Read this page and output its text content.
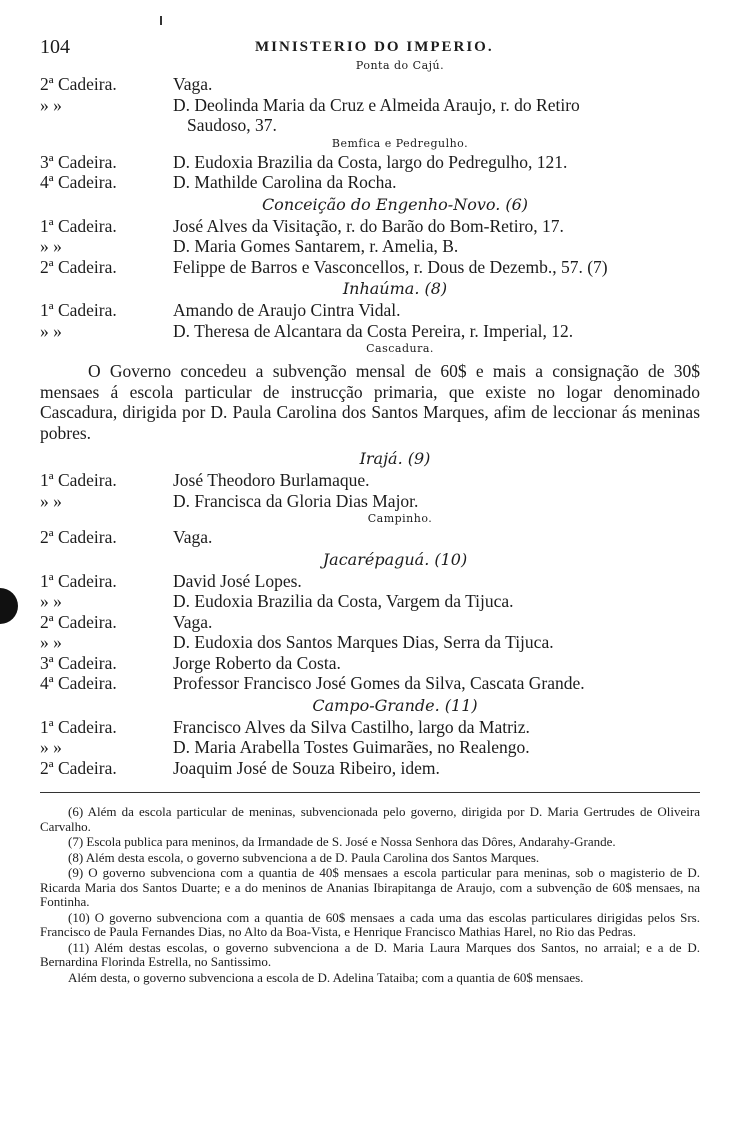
104	MINISTERIO DO IMPERIO.
Ponta do Cajú.
2ª Cadeira.	Vaga.
» »	D. Deolinda Maria da Cruz e Almeida Araujo, r. do Retiro
Saudoso, 37.
Bemfica e Pedregulho.
3ª Cadeira.	D. Eudoxia Brazilia da Costa, largo do Pedregulho, 121.
4ª Cadeira.	D. Mathilde Carolina da Rocha.
Conceição do Engenho-Novo. (6)
1ª Cadeira.	José Alves da Visitação, r. do Barão do Bom-Retiro, 17.
» »	D. Maria Gomes Santarem, r. Amelia, B.
2ª Cadeira.	Felippe de Barros e Vasconcellos, r. Dous de Dezemb., 57. (7)
Inhaúma. (8)
1ª Cadeira.	Amando de Araujo Cintra Vidal.
» »	D. Theresa de Alcantara da Costa Pereira, r. Imperial, 12.
Cascadura.
O Governo concedeu a subvenção mensal de 60$ e mais a consignação de 30$ mensaes á escola particular de instrucção primaria, que existe no logar denominado Cascadura, dirigida por D. Paula Carolina dos Santos Marques, afim de leccionar ás meninas pobres.
Irajá. (9)
1ª Cadeira.	José Theodoro Burlamaque.
» »	D. Francisca da Gloria Dias Major.
Campinho.
2ª Cadeira.	Vaga.
Jacarépaguá. (10)
1ª Cadeira.	David José Lopes.
» »	D. Eudoxia Brazilia da Costa, Vargem da Tijuca.
2ª Cadeira.	Vaga.
» »	D. Eudoxia dos Santos Marques Dias, Serra da Tijuca.
3ª Cadeira.	Jorge Roberto da Costa.
4ª Cadeira.	Professor Francisco José Gomes da Silva, Cascata Grande.
Campo-Grande. (11)
1ª Cadeira.	Francisco Alves da Silva Castilho, largo da Matriz.
» »	D. Maria Arabella Tostes Guimarães, no Realengo.
2ª Cadeira.	Joaquim José de Souza Ribeiro, idem.

(6) Além da escola particular de meninas, subvencionada pelo governo, dirigida por D. Maria Gertrudes de Oliveira Carvalho.

(7) Escola publica para meninos, da Irmandade de S. José e Nossa Senhora das Dôres, Andarahy-Grande.

(8) Além desta escola, o governo subvenciona a de D. Paula Carolina dos Santos Marques.

(9) O governo subvenciona com a quantia de 40$ mensaes a escola particular para meninas, sob o magisterio de D. Ricarda Maria dos Santos Duarte; e a do meninos de Ananias Ibirapitanga de Araujo, com a subvenção de 60$ mensaes, na Fontinha.

(10) O governo subvenciona com a quantia de 60$ mensaes a cada uma das escolas particulares dirigidas pelos Srs. Francisco de Paula Fernandes Dias, no Alto da Boa-Vista, e Henrique Francisco Mathias Harel, no Rio das Pedras.

(11) Além destas escolas, o governo subvenciona a de D. Maria Laura Marques dos Santos, no arraial; e a de D. Bernardina Florinda Estrella, no Santissimo.

Além desta, o governo subvenciona a escola de D. Adelina Tataiba; com a quantia de 60$ mensaes.
